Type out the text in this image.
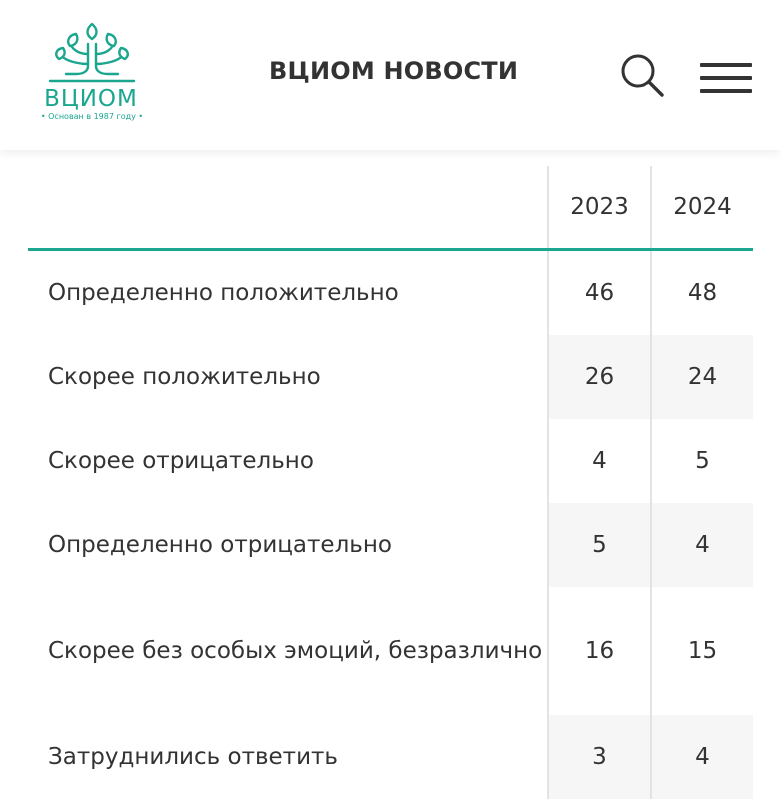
ВЦИОМ
• Основан в 1987 году •
ВЦИОМ НОВОСТИ
	2023	2024
Определенно положительно	46	48
Скорее положительно	26	24
Скорее отрицательно	4	5
Определенно отрицательно	5	4
Скорее без особых эмоций, безразлично	16	15
Затруднились ответить	3	4
